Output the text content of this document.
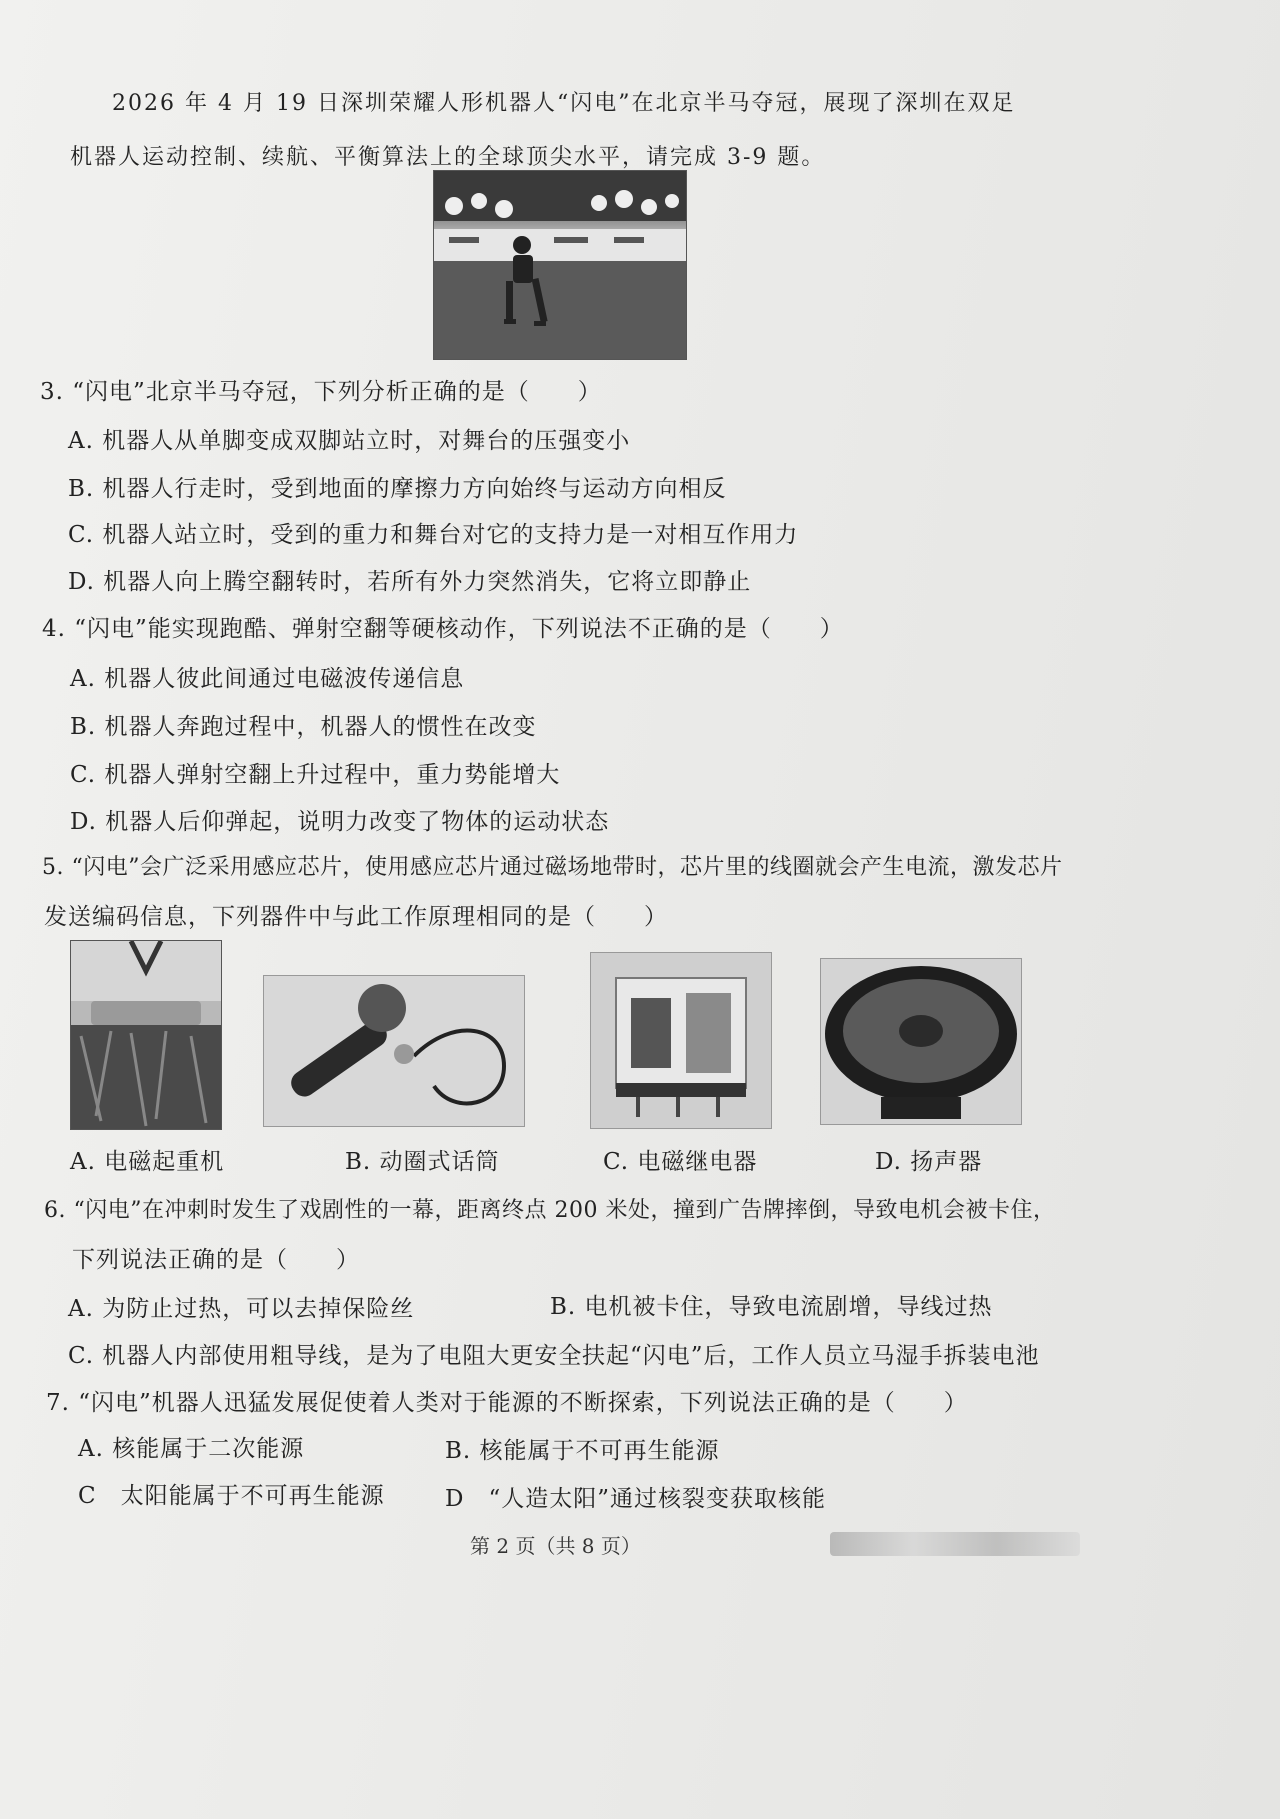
2026 年 4 月 19 日深圳荣耀人形机器人“闪电”在北京半马夺冠，展现了深圳在双足
机器人运动控制、续航、平衡算法上的全球顶尖水平，请完成 3-9 题。
3. “闪电”北京半马夺冠，下列分析正确的是（　　）
A. 机器人从单脚变成双脚站立时，对舞台的压强变小
B. 机器人行走时，受到地面的摩擦力方向始终与运动方向相反
C. 机器人站立时，受到的重力和舞台对它的支持力是一对相互作用力
D. 机器人向上腾空翻转时，若所有外力突然消失，它将立即静止
4. “闪电”能实现跑酷、弹射空翻等硬核动作，下列说法不正确的是（　　）
A. 机器人彼此间通过电磁波传递信息
B. 机器人奔跑过程中，机器人的惯性在改变
C. 机器人弹射空翻上升过程中，重力势能增大
D. 机器人后仰弹起，说明力改变了物体的运动状态
5. “闪电”会广泛采用感应芯片，使用感应芯片通过磁场地带时，芯片里的线圈就会产生电流，激发芯片
发送编码信息，下列器件中与此工作原理相同的是（　　）
A. 电磁起重机	B. 动圈式话筒	C. 电磁继电器	D. 扬声器
6. “闪电”在冲刺时发生了戏剧性的一幕，距离终点 200 米处，撞到广告牌摔倒，导致电机会被卡住，
下列说法正确的是（　　）
A. 为防止过热，可以去掉保险丝	B. 电机被卡住，导致电流剧增，导线过热
C. 机器人内部使用粗导线，是为了电阻大更安全 扶起“闪电”后，工作人员立马湿手拆装电池
7. “闪电”机器人迅猛发展促使着人类对于能源的不断探索，下列说法正确的是（　　）
A. 核能属于二次能源	B. 核能属于不可再生能源
C　太阳能属于不可再生能源	D　“人造太阳”通过核裂变获取核能
第 2 页（共 8 页）
